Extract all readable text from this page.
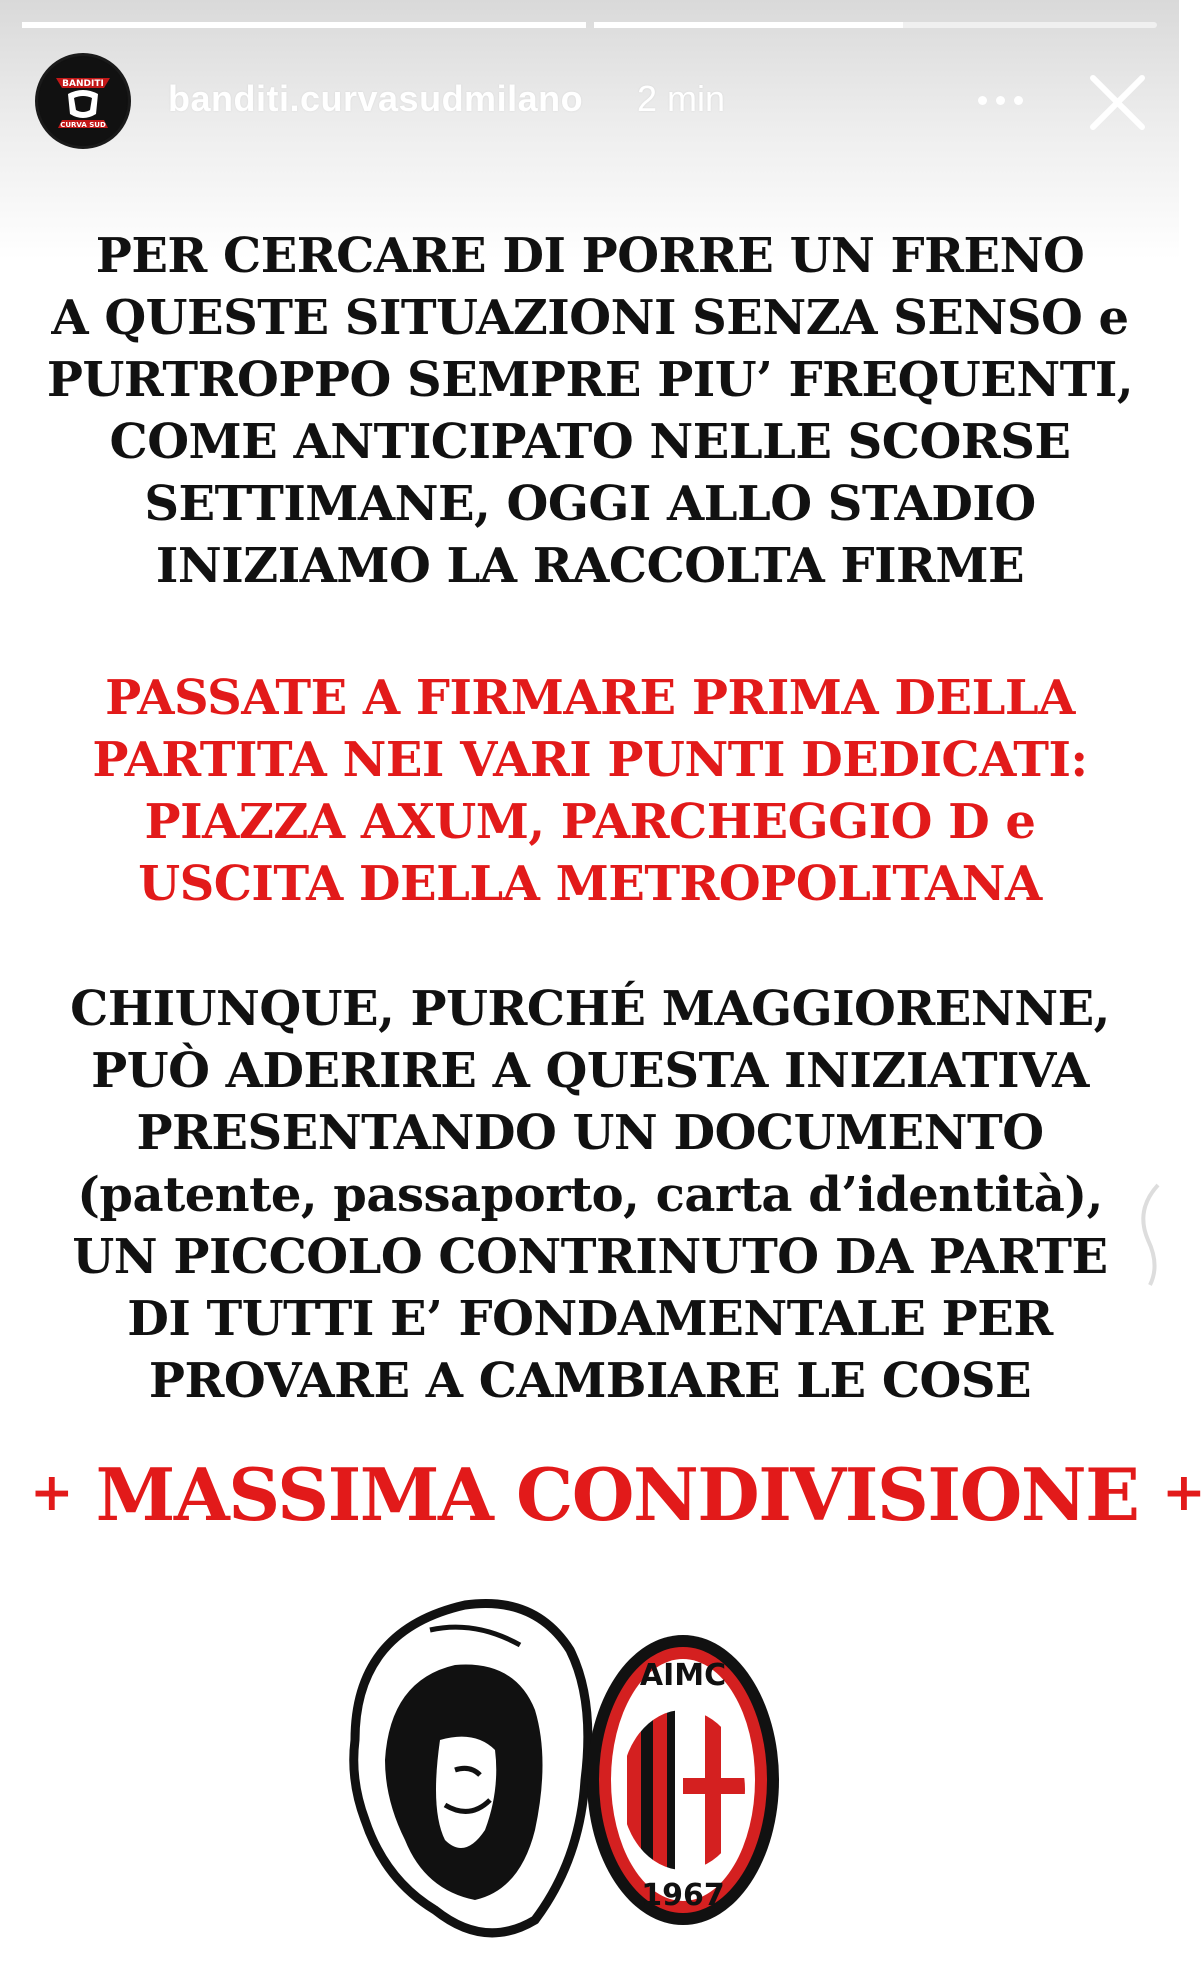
BANDITI
CURVA SUD
banditi.curvasudmilano 2 min
PER CERCARE DI PORRE UN FRENO
A QUESTE SITUAZIONI SENZA SENSO e
PURTROPPO SEMPRE PIU’ FREQUENTI,
COME ANTICIPATO NELLE SCORSE
SETTIMANE, OGGI ALLO STADIO
INIZIAMO LA RACCOLTA FIRME
PASSATE A FIRMARE PRIMA DELLA
PARTITA NEI VARI PUNTI DEDICATI:
PIAZZA AXUM, PARCHEGGIO D e
USCITA DELLA METROPOLITANA
CHIUNQUE, PURCHÉ MAGGIORENNE,
PUÒ ADERIRE A QUESTA INIZIATIVA
PRESENTANDO UN DOCUMENTO
(patente, passaporto, carta d’identità),
UN PICCOLO CONTRINUTO DA PARTE
DI TUTTI E’ FONDAMENTALE PER
PROVARE A CAMBIARE LE COSE
+ MASSIMA CONDIVISIONE +
AIMC
1967
